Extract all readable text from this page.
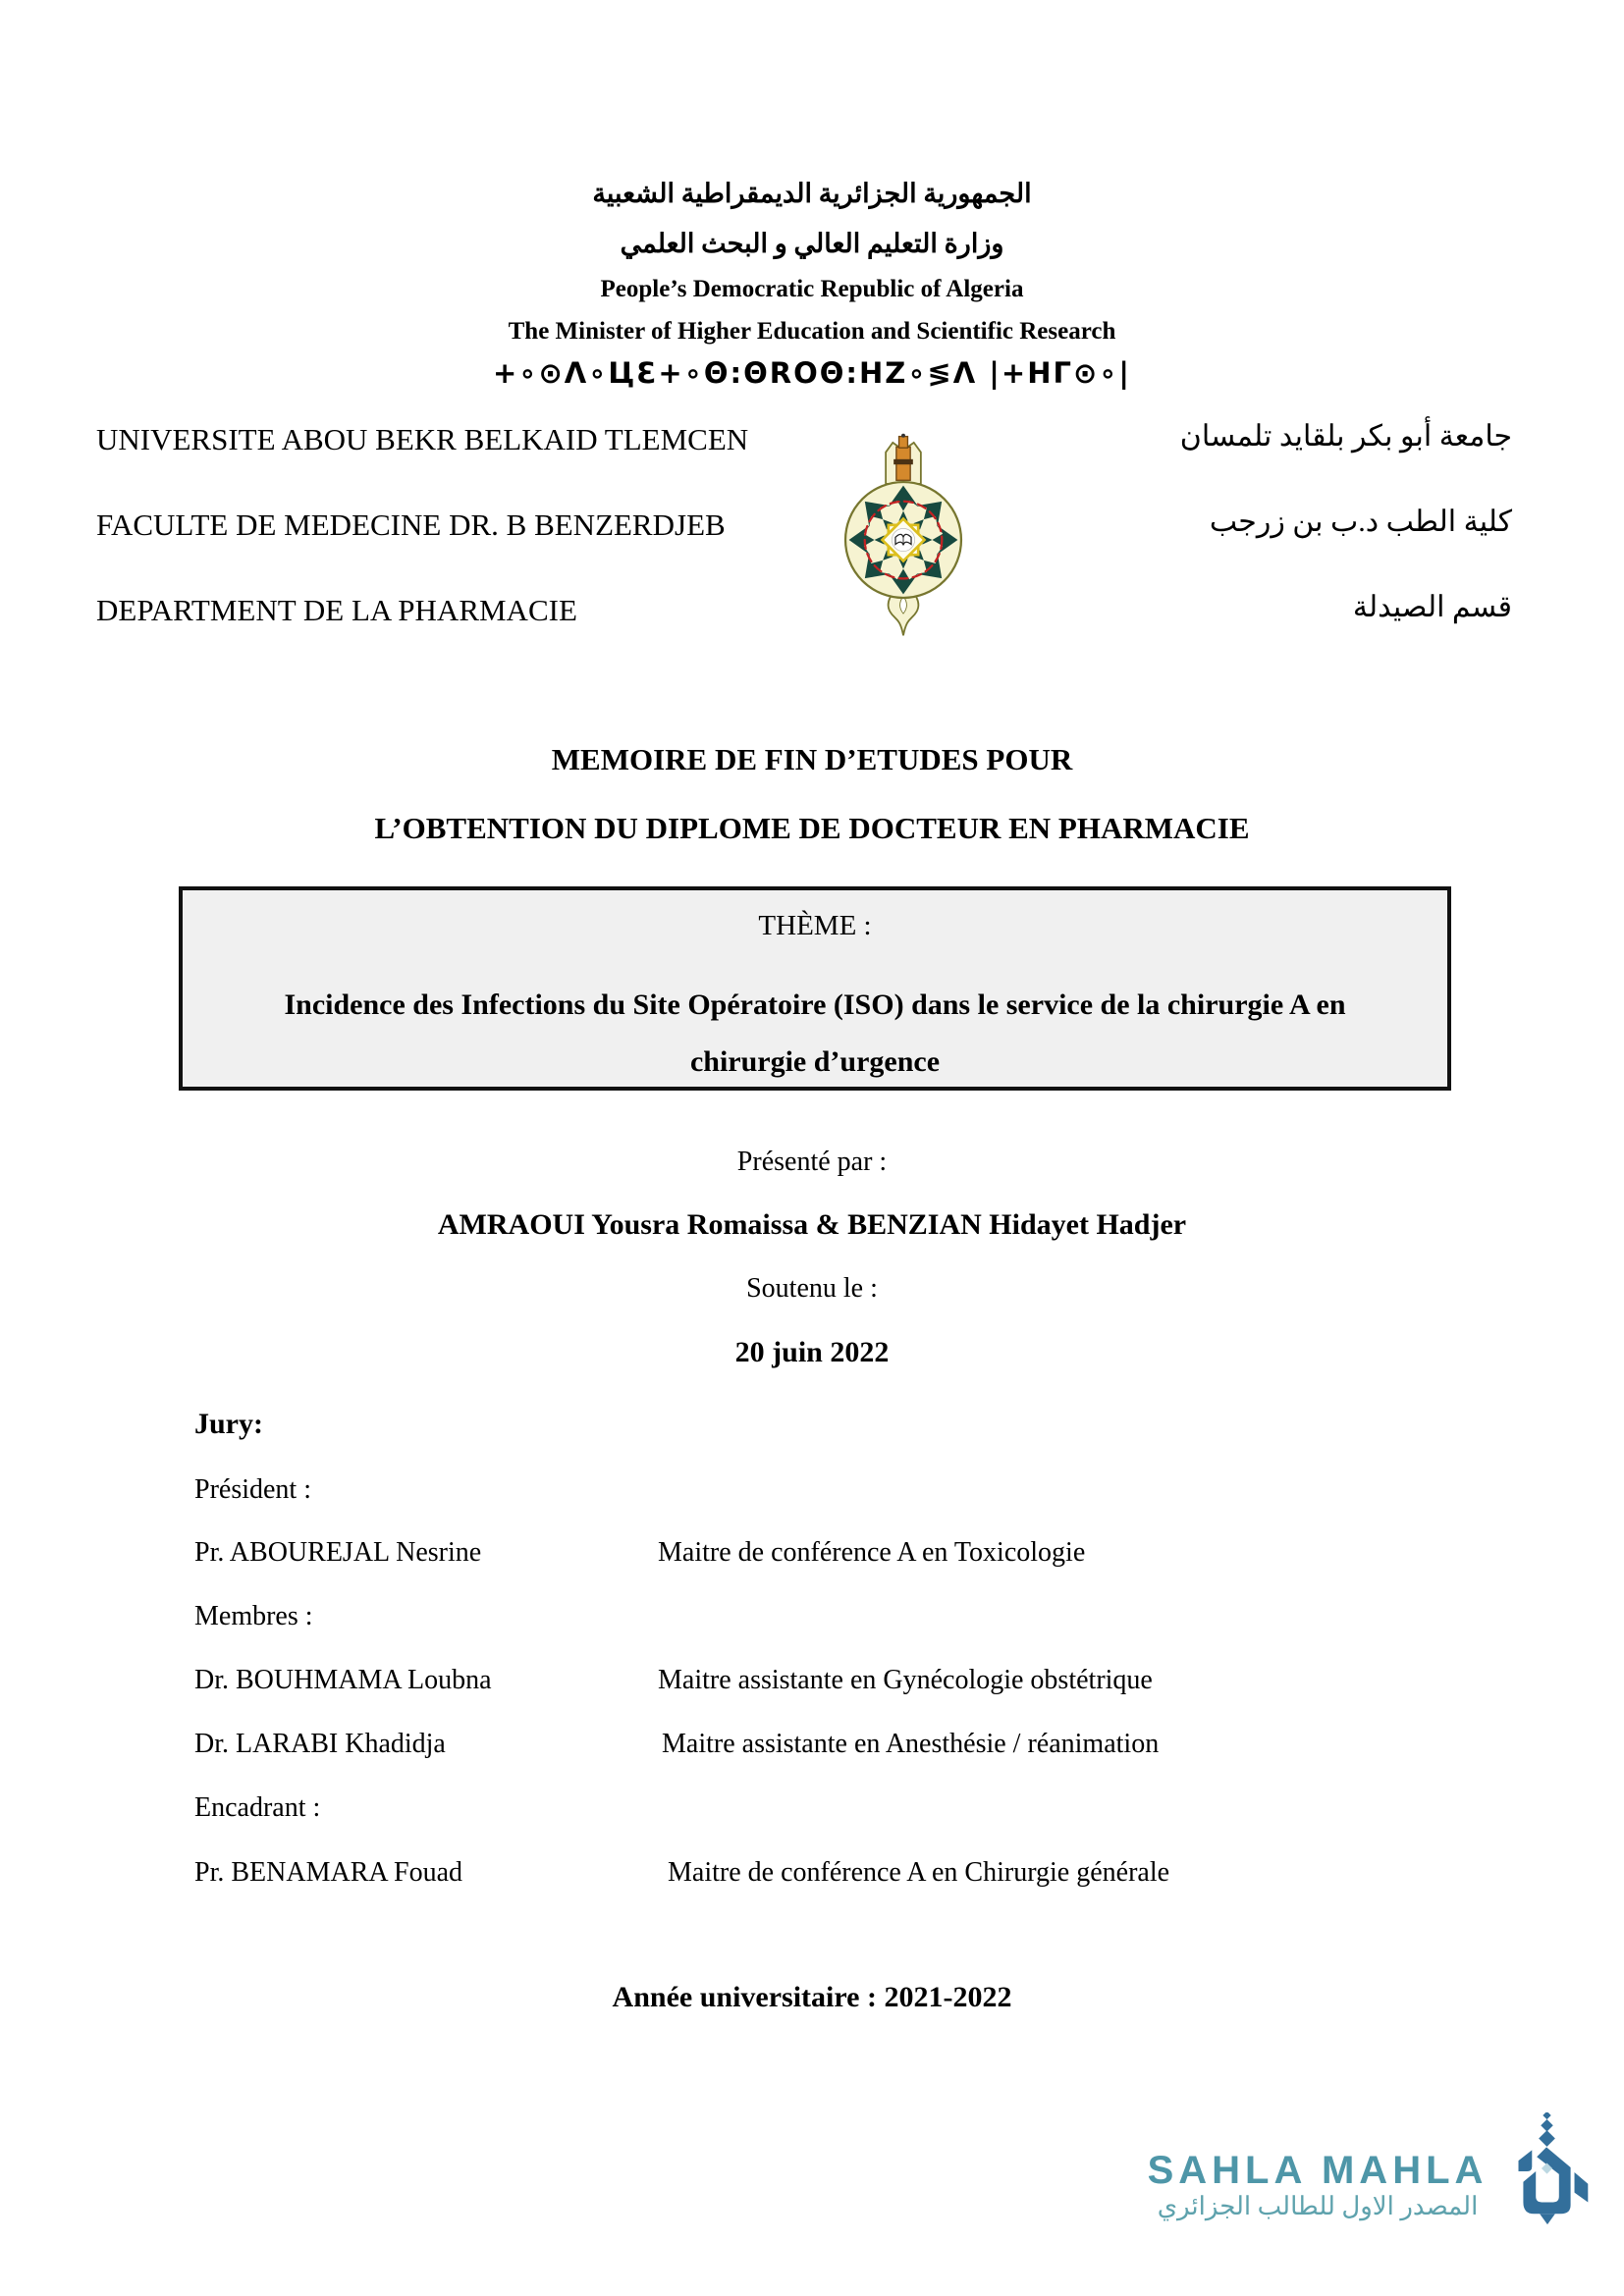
الجمهورية الجزائرية الديمقراطية الشعبية
وزارة التعليم العالي و البحث العلمي
People’s Democratic Republic of Algeria
The Minister of Higher Education and Scientific Research
+∘⊙Λ∘ЦƐ+∘Θ:ΘROΘ:НZ∘≶Λ |+НΓ⊙∘|
UNIVERSITE ABOU BEKR BELKAID TLEMCEN
FACULTE DE MEDECINE DR. B BENZERDJEB
DEPARTMENT DE LA PHARMACIE
جامعة أبو بكر بلقايد تلمسان
كلية الطب د.ب بن زرجب
قسم الصيدلة
MEMOIRE DE FIN D’ETUDES POUR
L’OBTENTION DU DIPLOME DE DOCTEUR EN PHARMACIE
THÈME :
Incidence des Infections du Site Opératoire (ISO) dans le service de la chirurgie A en
chirurgie d’urgence
Présenté par :
AMRAOUI Yousra Romaissa & BENZIAN Hidayet Hadjer
Soutenu le :
20 juin 2022
Jury:
Président :
Pr. ABOUREJAL Nesrine	Maitre de conférence A en Toxicologie
Membres :
Dr. BOUHMAMA Loubna	Maitre assistante en Gynécologie obstétrique
Dr. LARABI Khadidja	Maitre assistante en Anesthésie / réanimation
Encadrant :
Pr. BENAMARA Fouad	Maitre de conférence A en Chirurgie générale
Année universitaire : 2021-2022
SAHLA MAHLA
المصدر الاول للطالب الجزائري
